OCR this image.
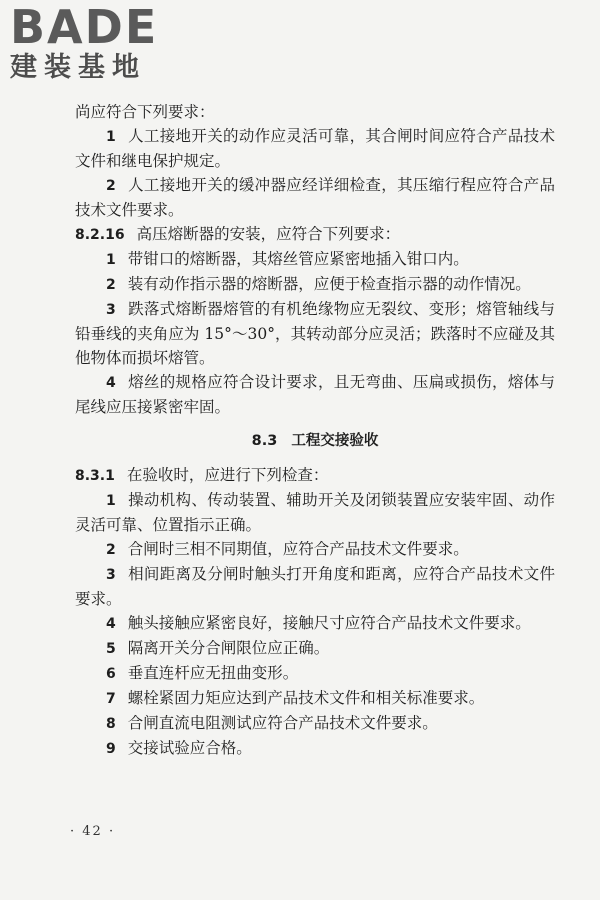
BADE
建装基地

尚应符合下列要求：

1 人工接地开关的动作应灵活可靠，其合闸时间应符合产品技术文件和继电保护规定。

2 人工接地开关的缓冲器应经详细检查，其压缩行程应符合产品技术文件要求。

8.2.16 高压熔断器的安装，应符合下列要求：

1 带钳口的熔断器，其熔丝管应紧密地插入钳口内。

2 装有动作指示器的熔断器，应便于检查指示器的动作情况。

3 跌落式熔断器熔管的有机绝缘物应无裂纹、变形；熔管轴线与铅垂线的夹角应为 15°～30°，其转动部分应灵活；跌落时不应碰及其他物体而损坏熔管。

4 熔丝的规格应符合设计要求，且无弯曲、压扁或损伤，熔体与尾线应压接紧密牢固。

8.3 工程交接验收

8.3.1 在验收时，应进行下列检查：

1 操动机构、传动装置、辅助开关及闭锁装置应安装牢固、动作灵活可靠、位置指示正确。

2 合闸时三相不同期值，应符合产品技术文件要求。

3 相间距离及分闸时触头打开角度和距离，应符合产品技术文件要求。

4 触头接触应紧密良好，接触尺寸应符合产品技术文件要求。

5 隔离开关分合闸限位应正确。

6 垂直连杆应无扭曲变形。

7 螺栓紧固力矩应达到产品技术文件和相关标准要求。

8 合闸直流电阻测试应符合产品技术文件要求。

9 交接试验应合格。

· 42 ·
